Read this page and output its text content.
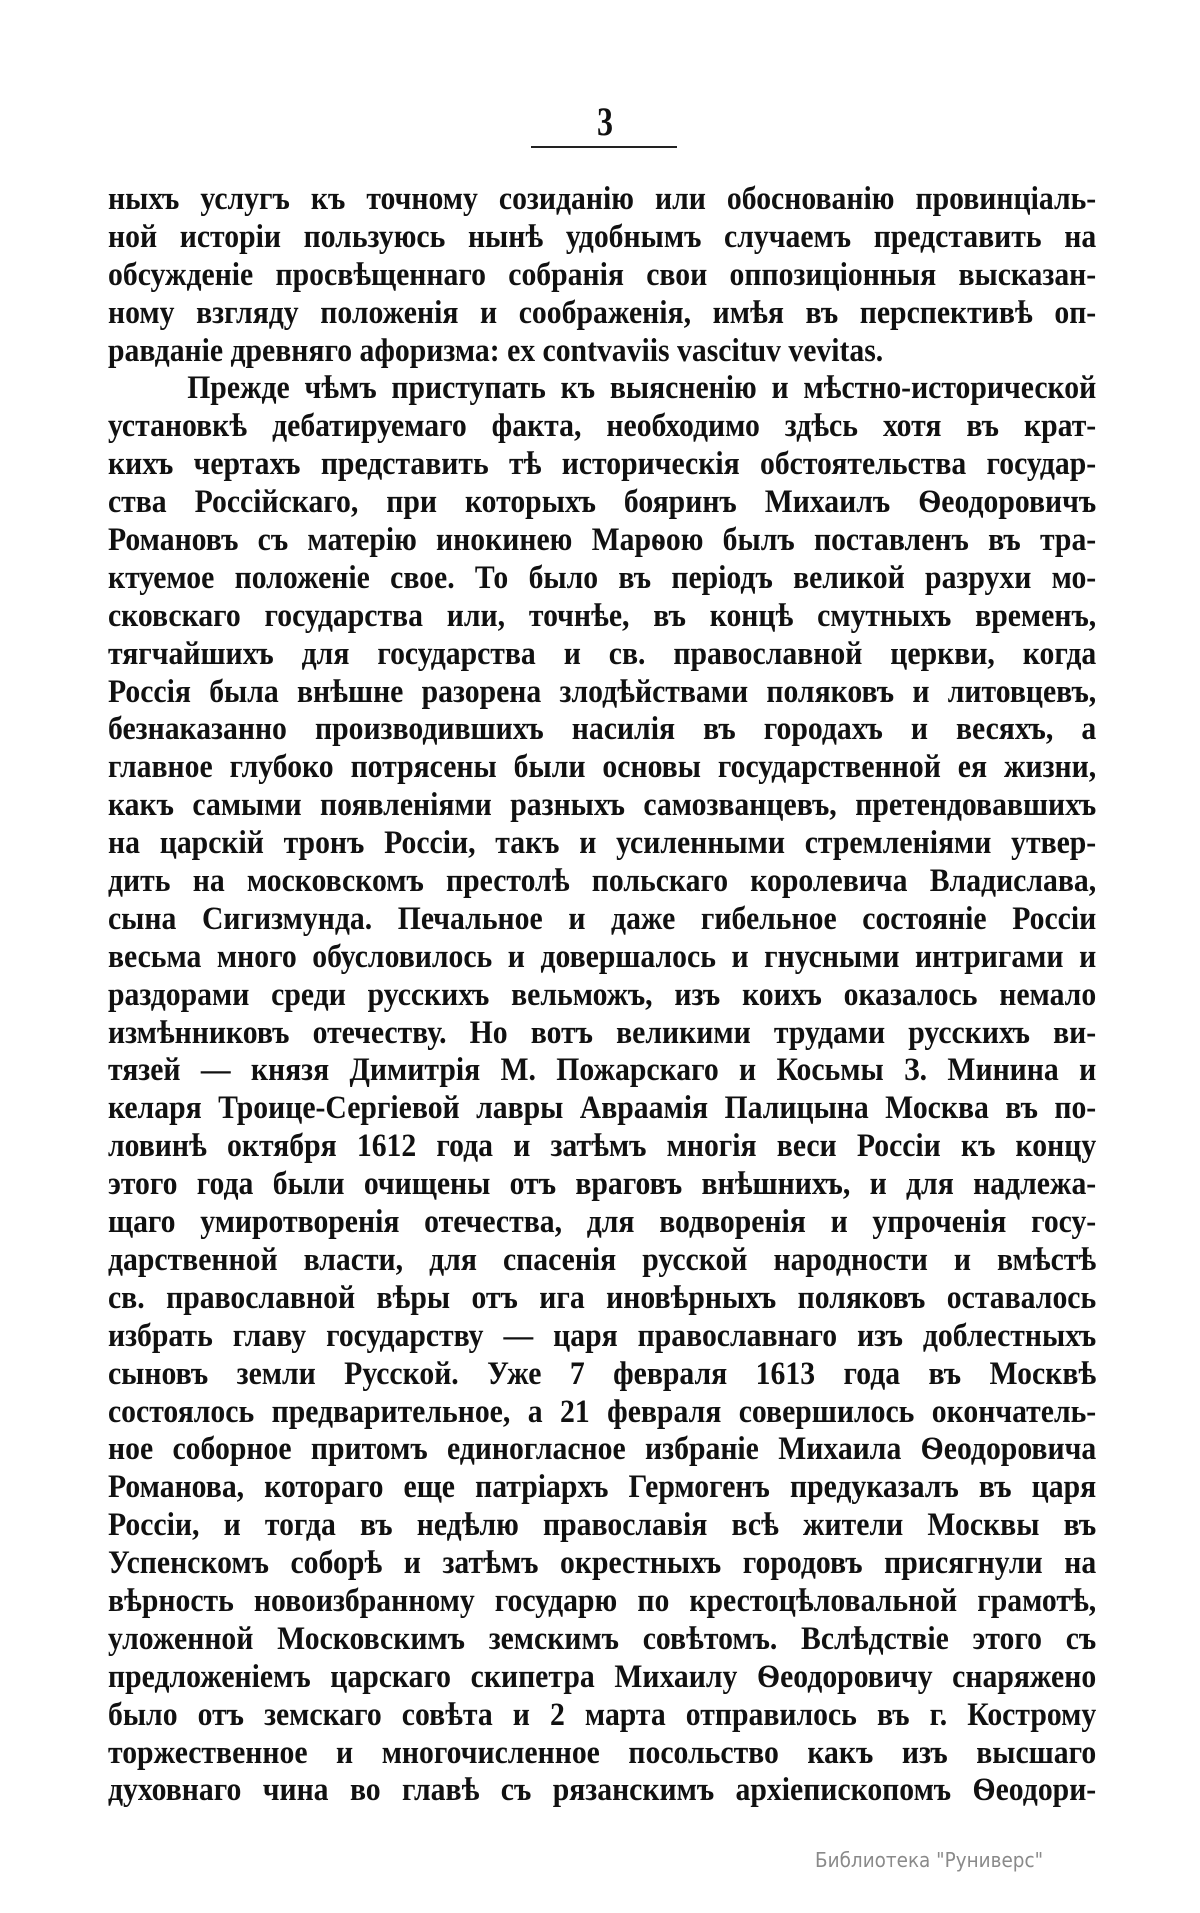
3
ныхъ услугъ къ точному созиданію или обоснованію провинціаль-
ной исторіи пользуюсь нынѣ удобнымъ случаемъ представить на
обсужденіе просвѣщеннаго собранія свои оппозиціонныя высказан-
ному взгляду положенія и соображенія, имѣя въ перспективѣ оп-
равданіе древняго афоризма: ex contvaviis vascituv vevitas.
Прежде чѣмъ приступать къ выясненію и мѣстно-исторической
установкѣ дебатируемаго факта, необходимо здѣсь хотя въ крат-
кихъ чертахъ представить тѣ историческія обстоятельства государ-
ства Россійскаго, при которыхъ бояринъ Михаилъ Ѳеодоровичъ
Романовъ съ матерію инокинею Марѳою былъ поставленъ въ тра-
ктуемое положеніе свое. То было въ періодъ великой разрухи мо-
сковскаго государства или, точнѣе, въ концѣ смутныхъ временъ,
тягчайшихъ для государства и св. православной церкви, когда
Россія была внѣшне разорена злодѣйствами поляковъ и литовцевъ,
безнаказанно производившихъ насилія въ городахъ и весяхъ, а
главное глубоко потрясены были основы государственной ея жизни,
какъ самыми появленіями разныхъ самозванцевъ, претендовавшихъ
на царскій тронъ Россіи, такъ и усиленными стремленіями утвер-
дить на московскомъ престолѣ польскаго королевича Владислава,
сына Сигизмунда. Печальное и даже гибельное состояніе Россіи
весьма много обусловилось и довершалось и гнусными интригами и
раздорами среди русскихъ вельможъ, изъ коихъ оказалось немало
измѣнниковъ отечеству. Но вотъ великими трудами русскихъ ви-
тязей — князя Димитрія М. Пожарскаго и Косьмы З. Минина и
келаря Троице-Сергіевой лавры Авраамія Палицына Москва въ по-
ловинѣ октября 1612 года и затѣмъ многія веси Россіи къ концу
этого года были очищены отъ враговъ внѣшнихъ, и для надлежа-
щаго умиротворенія отечества, для водворенія и упроченія госу-
дарственной власти, для спасенія русской народности и вмѣстѣ
св. православной вѣры отъ ига иновѣрныхъ поляковъ оставалось
избрать главу государству — царя православнаго изъ доблестныхъ
сыновъ земли Русской. Уже 7 февраля 1613 года въ Москвѣ
состоялось предварительное, а 21 февраля совершилось окончатель-
ное соборное притомъ единогласное избраніе Михаила Ѳеодоровича
Романова, котораго еще патріархъ Гермогенъ предуказалъ въ царя
Россіи, и тогда въ недѣлю православія всѣ жители Москвы въ
Успенскомъ соборѣ и затѣмъ окрестныхъ городовъ присягнули на
вѣрность новоизбранному государю по крестоцѣловальной грамотѣ,
уложенной Московскимъ земскимъ совѣтомъ. Вслѣдствіе этого съ
предложеніемъ царскаго скипетра Михаилу Ѳеодоровичу снаряжено
было отъ земскаго совѣта и 2 марта отправилось въ г. Кострому
торжественное и многочисленное посольство какъ изъ высшаго
духовнаго чина во главѣ съ рязанскимъ архіепископомъ Ѳеодори-
Библиотека "Руниверс"
